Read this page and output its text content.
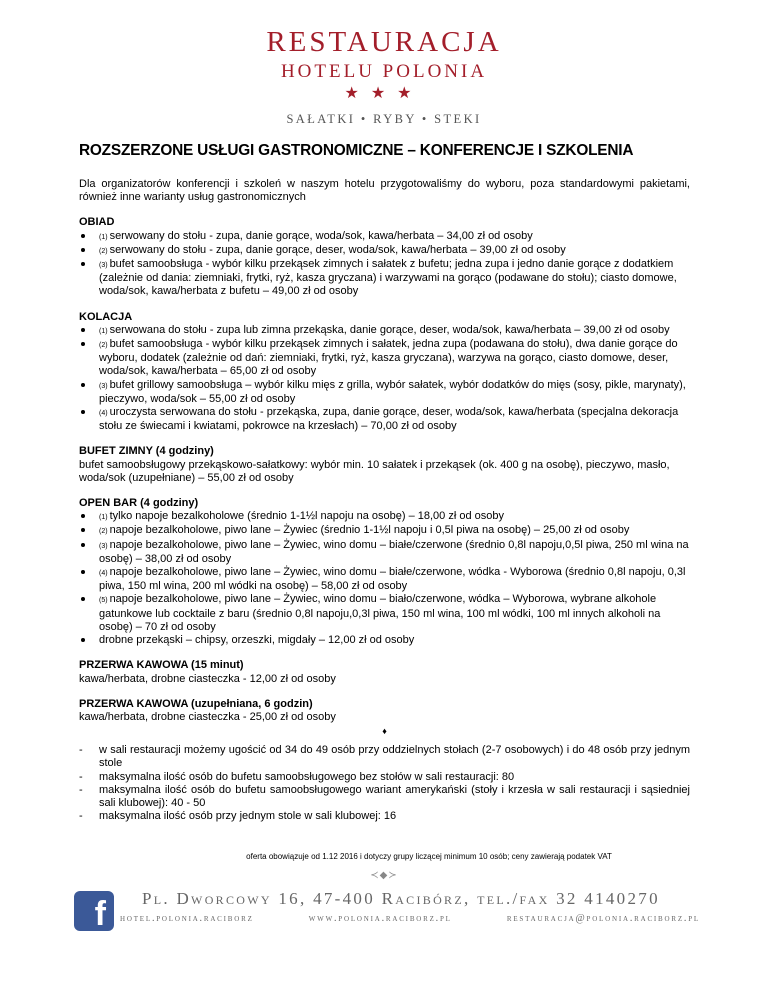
RESTAURACJA
HOTELU POLONIA
★★★
SAŁATKI • RYBY • STEKI
ROZSZERZONE USŁUGI GASTRONOMICZNE – KONFERENCJE I SZKOLENIA

Dla organizatorów konferencji i szkoleń w naszym hotelu przygotowaliśmy do wyboru, poza standardowymi pakietami, również inne warianty usług gastronomicznych

OBIAD
(1) serwowany do stołu - zupa, danie gorące, woda/sok, kawa/herbata – 34,00 zł od osoby
(2) serwowany do stołu - zupa, danie gorące, deser, woda/sok, kawa/herbata – 39,00 zł od osoby
(3) bufet samoobsługa - wybór kilku przekąsek zimnych i sałatek z bufetu; jedna zupa i jedno danie gorące z dodatkiem (zależnie od dania: ziemniaki, frytki, ryż, kasza gryczana) i warzywami na gorąco (podawane do stołu); ciasto domowe, woda/sok, kawa/herbata z bufetu – 49,00 zł od osoby
KOLACJA
(1) serwowana do stołu - zupa lub zimna przekąska, danie gorące, deser, woda/sok, kawa/herbata – 39,00 zł od osoby
(2) bufet samoobsługa - wybór kilku przekąsek zimnych i sałatek, jedna zupa (podawana do stołu), dwa danie gorące do wyboru, dodatek (zależnie od dań: ziemniaki, frytki, ryż, kasza gryczana), warzywa na gorąco, ciasto domowe, deser, woda/sok, kawa/herbata – 65,00 zł od osoby
(3) bufet grillowy samoobsługa – wybór kilku mięs z grilla, wybór sałatek, wybór dodatków do mięs (sosy, pikle, marynaty), pieczywo, woda/sok – 55,00 zł od osoby
(4) uroczysta serwowana do stołu - przekąska, zupa, danie gorące, deser, woda/sok, kawa/herbata (specjalna dekoracja stołu ze świecami i kwiatami, pokrowce na krzesłach) – 70,00 zł od osoby
BUFET ZIMNY (4 godziny)

bufet samoobsługowy przekąskowo-sałatkowy: wybór min. 10 sałatek i przekąsek (ok. 400 g na osobę), pieczywo, masło, woda/sok (uzupełniane) – 55,00 zł od osoby

OPEN BAR (4 godziny)
(1) tylko napoje bezalkoholowe (średnio 1-1½l napoju na osobę) – 18,00 zł od osoby
(2) napoje bezalkoholowe, piwo lane – Żywiec (średnio 1-1½l napoju i 0,5l piwa na osobę) – 25,00 zł od osoby
(3) napoje bezalkoholowe, piwo lane – Żywiec, wino domu – białe/czerwone (średnio 0,8l napoju,0,5l piwa, 250 ml wina na osobę) – 38,00 zł od osoby
(4) napoje bezalkoholowe, piwo lane – Żywiec, wino domu – białe/czerwone, wódka - Wyborowa (średnio 0,8l napoju, 0,3l piwa, 150 ml wina, 200 ml wódki na osobę) – 58,00 zł od osoby
(5) napoje bezalkoholowe, piwo lane – Żywiec, wino domu – biało/czerwone, wódka – Wyborowa, wybrane alkohole gatunkowe lub cocktaile z baru (średnio 0,8l napoju,0,3l piwa, 150 ml wina, 100 ml wódki, 100 ml innych alkoholi na osobę) – 70 zł od osoby
drobne przekąski – chipsy, orzeszki, migdały – 12,00 zł od osoby
PRZERWA KAWOWA (15 minut)

kawa/herbata, drobne ciasteczka - 12,00 zł od osoby

PRZERWA KAWOWA (uzupełniana, 6 godzin)

kawa/herbata, drobne ciasteczka - 25,00 zł od osoby

♦
- w sali restauracji możemy ugościć od 34 do 49 osób przy oddzielnych stołach (2-7 osobowych) i do 48 osób przy jednym stole
- maksymalna ilość osób do bufetu samoobsługowego bez stołów w sali restauracji: 80
- maksymalna ilość osób do bufetu samoobsługowego wariant amerykański (stoły i krzesła w sali restauracji i sąsiedniej sali klubowej): 40 - 50
- maksymalna ilość osób przy jednym stole w sali klubowej: 16
oferta obowiązuje od 1.12 2016 i dotyczy grupy liczącej minimum 10 osób; ceny zawierają podatek VAT
≺◆≻
f	Pl. Dworcowy 16, 47-400 Racibórz, tel./fax 32 4140270
hotel.polonia.raciborz	www.polonia.raciborz.pl	restauracja@polonia.raciborz.pl
